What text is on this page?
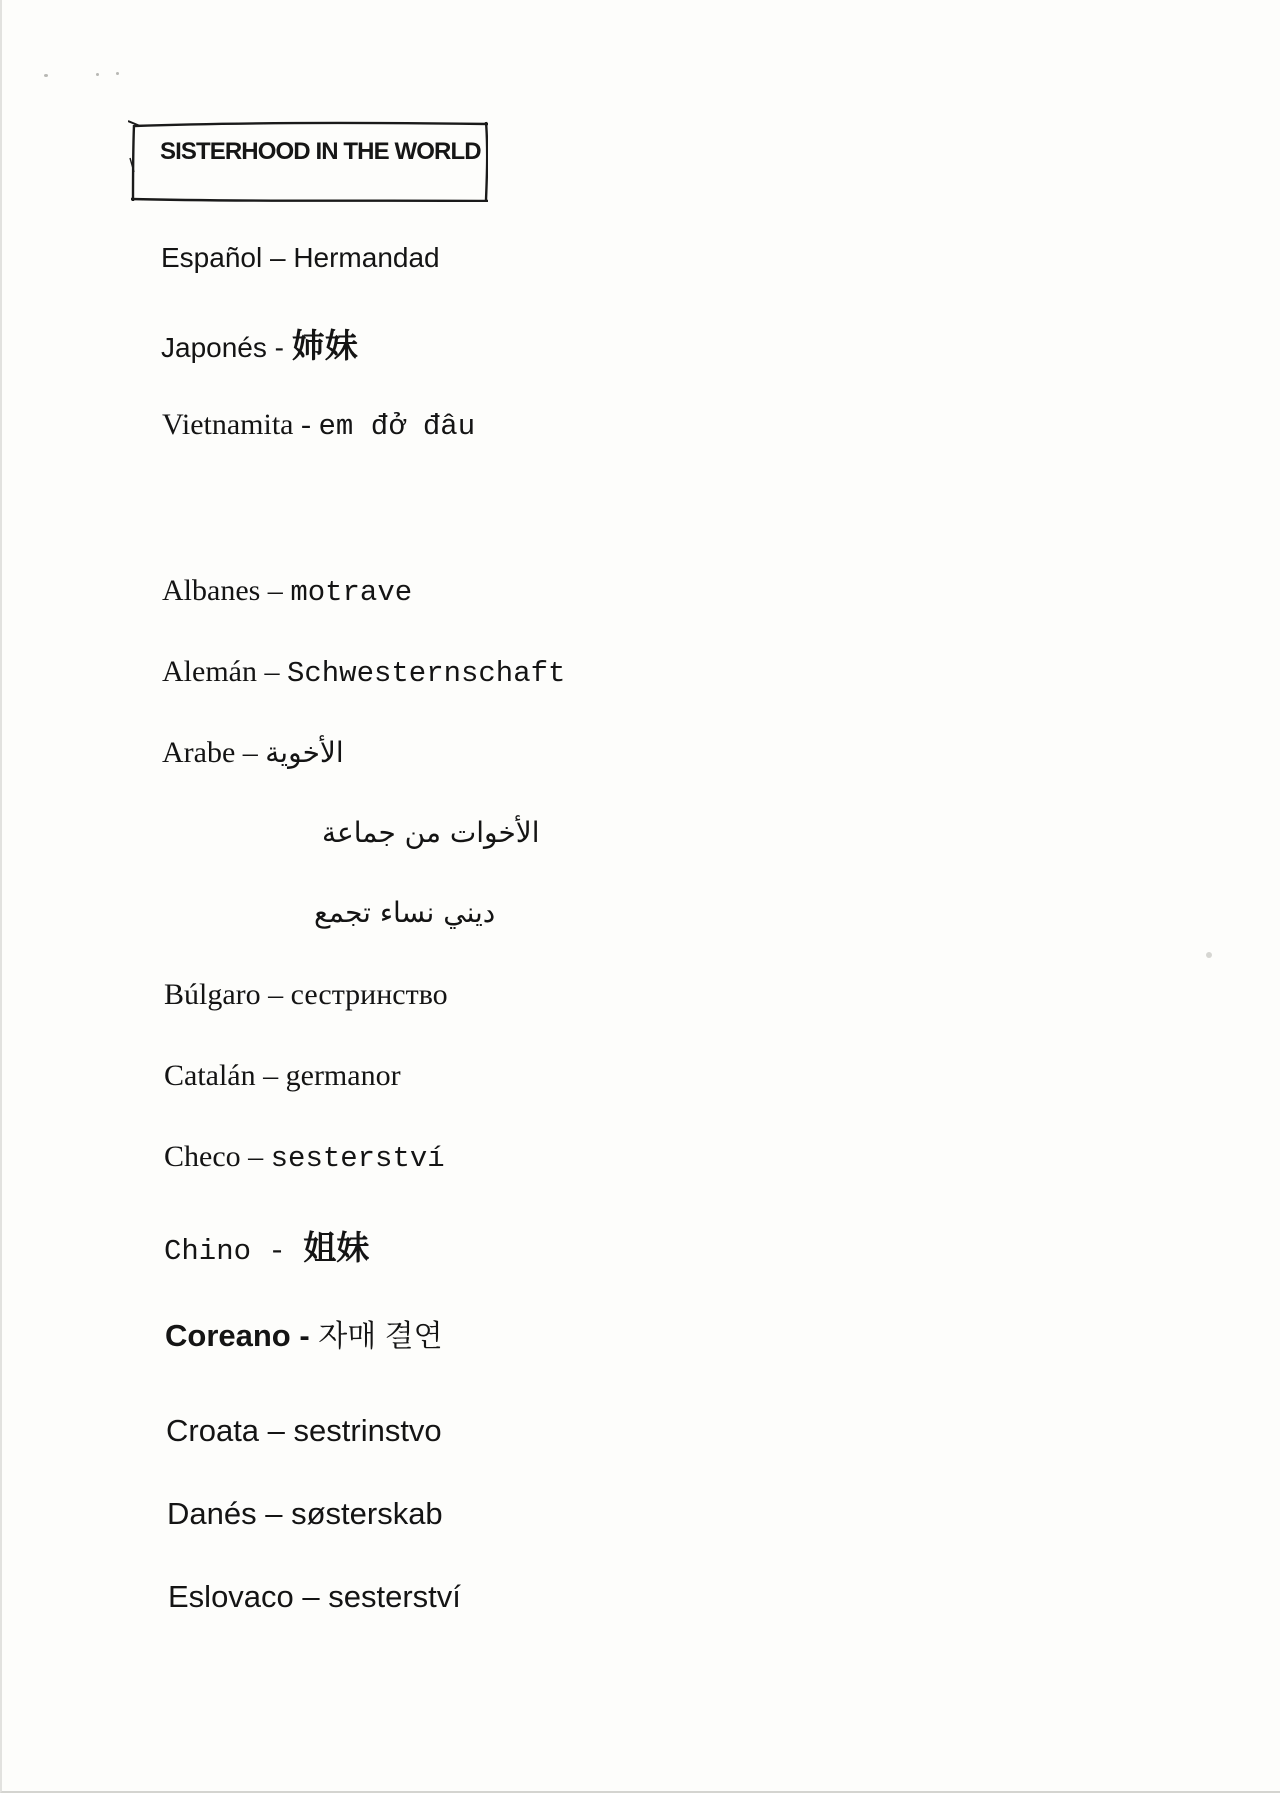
SISTERHOOD IN THE WORLD
Español – Hermandad
Japonés - 姉妹
Vietnamita - em đở đâu
Albanes – motrave
Alemán – Schwesternschaft
Arabe – الأخوية
الأخوات من جماعة
ديني نساء تجمع
Búlgaro – сестринство
Catalán – germanor
Checo – sesterství
Chino - 姐妹
Coreano - 자매 결연
Croata – sestrinstvo
Danés – søsterskab
Eslovaco – sesterství
